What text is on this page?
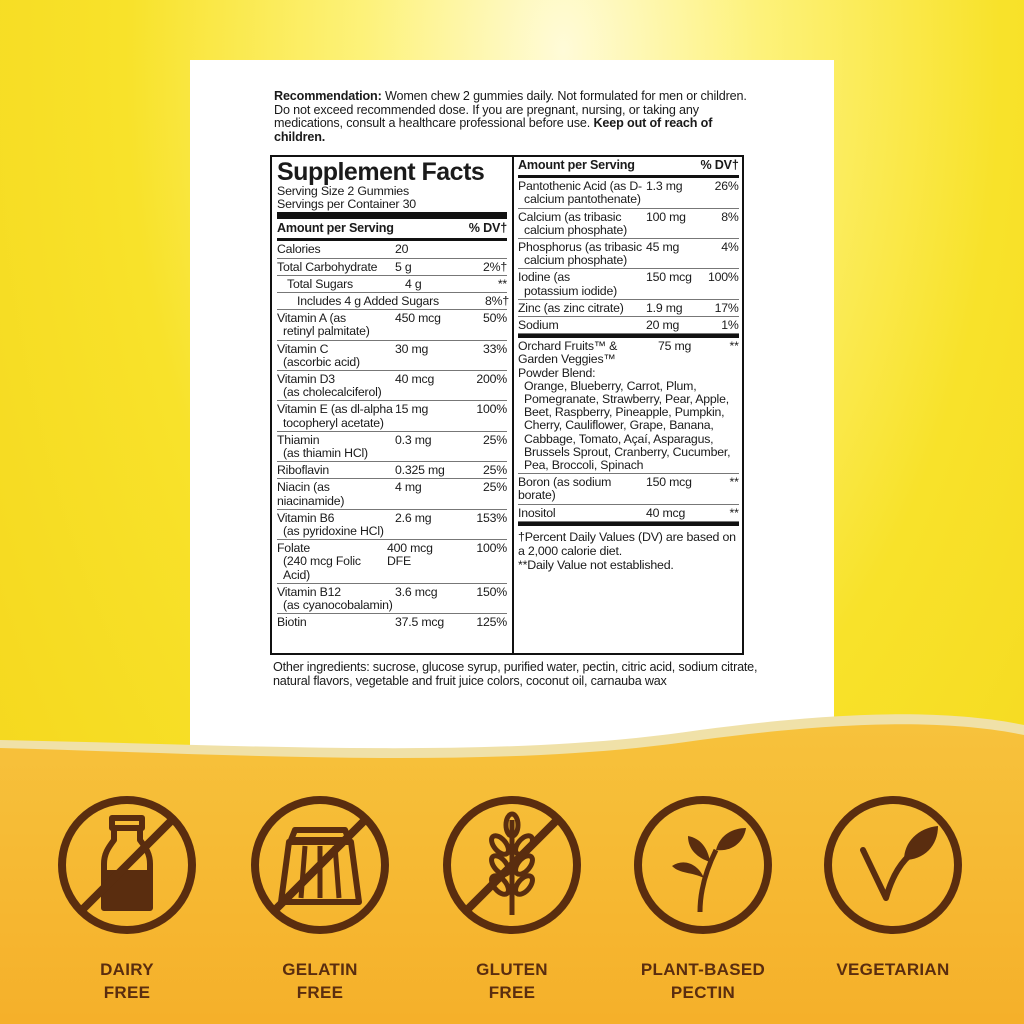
Recommendation: Women chew 2 gummies daily. Not formulated for men or children. Do not exceed recommended dose. If you are pregnant, nursing, or taking any medications, consult a healthcare professional before use. Keep out of reach of children.
Supplement Facts
Serving Size 2 Gummies
Servings per Container 30
Amount per Serving	% DV†
Calories	20
Total Carbohydrate	5 g	2%†
Total Sugars	4 g	**
Includes 4 g Added Sugars	8%†
Vitamin A (as
retinyl palmitate)
450 mcg	50%
Vitamin C
(ascorbic acid)
30 mg	33%
Vitamin D3
(as cholecalciferol)
40 mcg	200%
Vitamin E (as dl-alpha
tocopheryl acetate)
15 mg	100%
Thiamin
(as thiamin HCl)
0.3 mg	25%
Riboflavin	0.325 mg	25%
Niacin (as niacinamide)
4 mg	25%
Vitamin B6
(as pyridoxine HCl)
2.6 mg	153%
Folate
(240 mcg Folic Acid)
400 mcg DFE
100%
Vitamin B12
(as cyanocobalamin)
3.6 mcg	150%
Biotin	37.5 mcg	125%
Amount per Serving	% DV†
Pantothenic Acid (as D-
calcium pantothenate)
1.3 mg	26%
Calcium (as tribasic
calcium phosphate)
100 mg	8%
Phosphorus (as tribasic
calcium phosphate)
45 mg	4%
Iodine (as
potassium iodide)
150 mcg	100%
Zinc (as zinc citrate)	1.9 mg	17%
Sodium	20 mg	1%
Orchard Fruits™ & Garden Veggies™ Powder Blend:
75 mg	**
Orange, Blueberry, Carrot, Plum, Pomegranate, Strawberry, Pear, Apple, Beet, Raspberry, Pineapple, Pumpkin, Cherry, Cauliflower, Grape, Banana, Cabbage, Tomato, Açaí, Asparagus, Brussels Sprout, Cranberry, Cucumber, Pea, Broccoli, Spinach
Boron (as sodium borate)
150 mcg	**
Inositol	40 mcg	**
†Percent Daily Values (DV) are based on a 2,000 calorie diet.
**Daily Value not established.
Other ingredients: sucrose, glucose syrup, purified water, pectin, citric acid, sodium citrate, natural flavors, vegetable and fruit juice colors, coconut oil, carnauba wax
DAIRY
FREE
GELATIN
FREE
GLUTEN
FREE
PLANT-BASED
PECTIN
VEGETARIAN
